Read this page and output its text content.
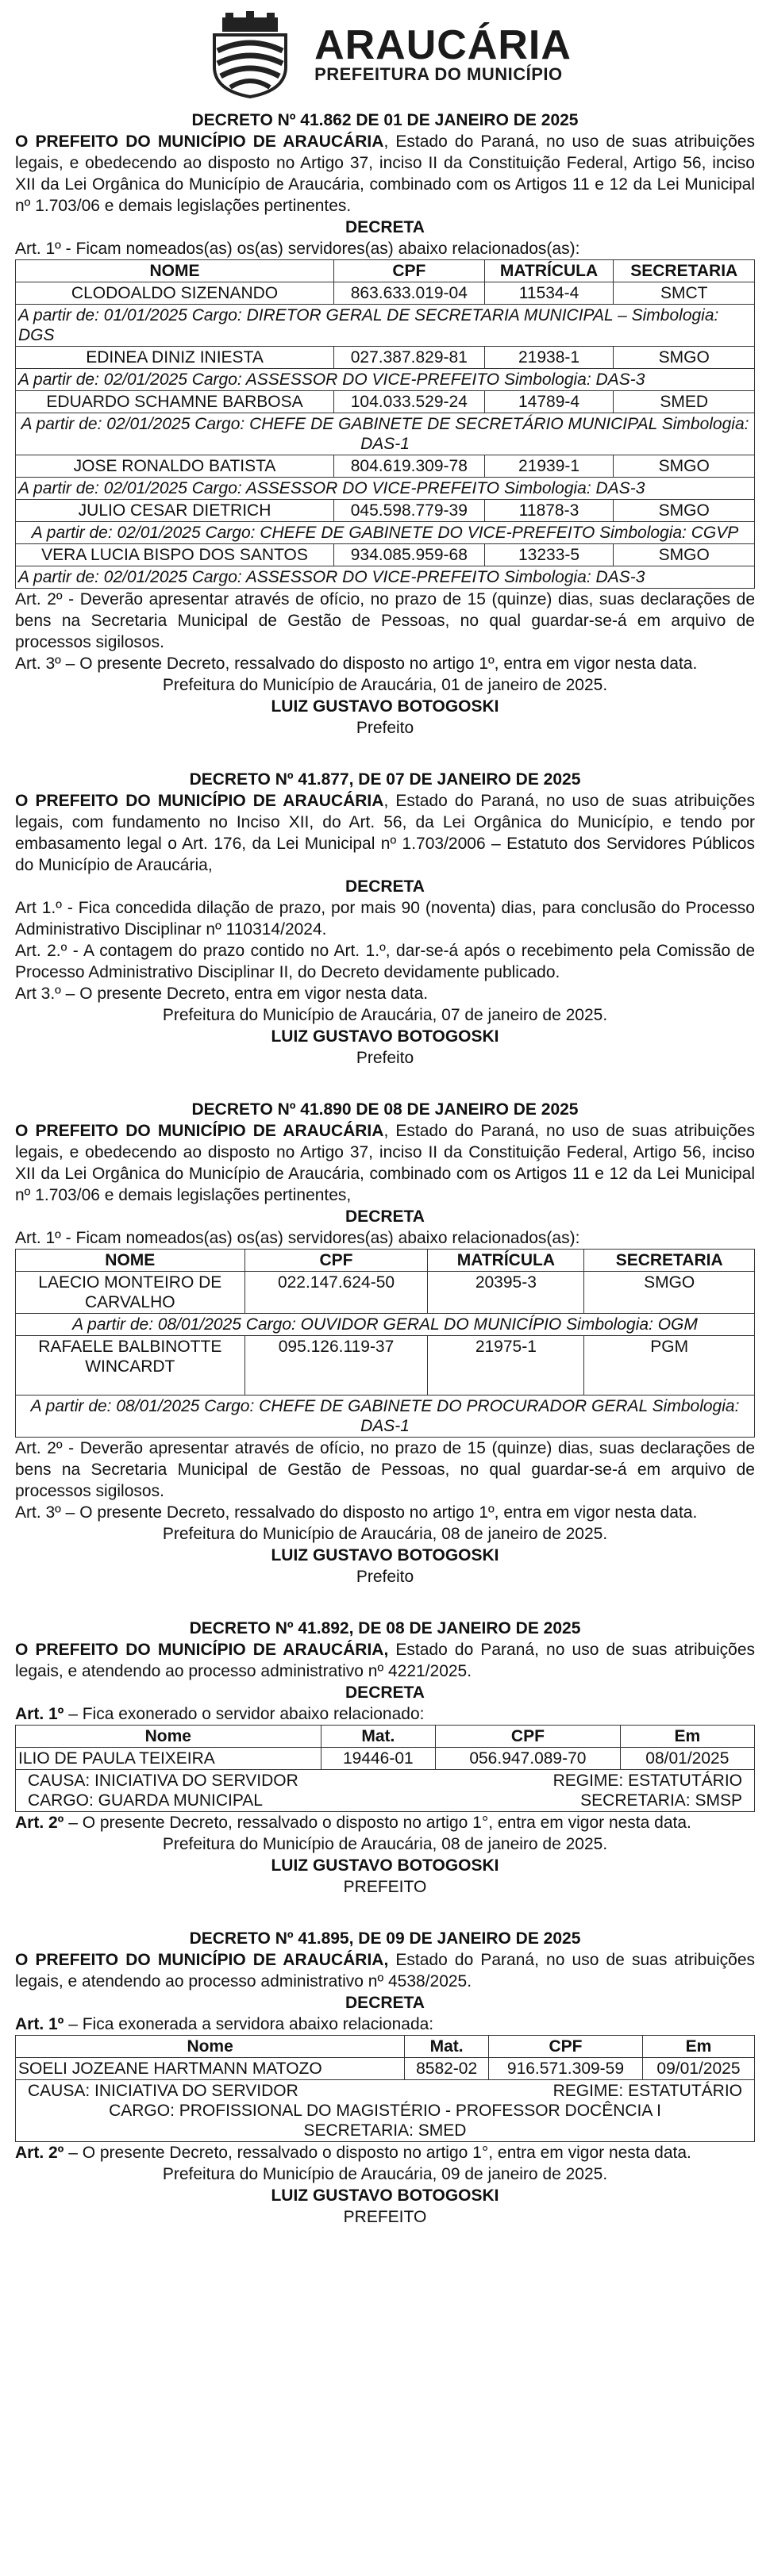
ARAUCÁRIA
PREFEITURA DO MUNICÍPIO
DECRETO Nº 41.862 DE 01 DE JANEIRO DE 2025

O PREFEITO DO MUNICÍPIO DE ARAUCÁRIA, Estado do Paraná, no uso de suas atribuições legais, e obedecendo ao disposto no Artigo 37, inciso II da Constituição Federal, Artigo 56, inciso XII da Lei Orgânica do Município de Araucária, combinado com os Artigos 11 e 12 da Lei Municipal nº 1.703/06 e demais legislações pertinentes.

DECRETA

Art. 1º - Ficam nomeados(as) os(as) servidores(as) abaixo relacionados(as):

NOME	CPF	MATRÍCULA	SECRETARIA
CLODOALDO SIZENANDO	863.633.019-04	11534-4	SMCT
A partir de: 01/01/2025 Cargo: DIRETOR GERAL DE SECRETARIA MUNICIPAL – Simbologia: DGS			
EDINEA DINIZ INIESTA	027.387.829-81	21938-1	SMGO
A partir de: 02/01/2025 Cargo: ASSESSOR DO VICE-PREFEITO Simbologia: DAS-3			
EDUARDO SCHAMNE BARBOSA	104.033.529-24	14789-4	SMED
A partir de: 02/01/2025 Cargo: CHEFE DE GABINETE DE SECRETÁRIO MUNICIPAL Simbologia: DAS-1			
JOSE RONALDO BATISTA	804.619.309-78	21939-1	SMGO
A partir de: 02/01/2025 Cargo: ASSESSOR DO VICE-PREFEITO Simbologia: DAS-3			
JULIO CESAR DIETRICH	045.598.779-39	11878-3	SMGO
A partir de: 02/01/2025 Cargo: CHEFE DE GABINETE DO VICE-PREFEITO Simbologia: CGVP			
VERA LUCIA BISPO DOS SANTOS	934.085.959-68	13233-5	SMGO
A partir de: 02/01/2025 Cargo: ASSESSOR DO VICE-PREFEITO Simbologia: DAS-3			

Art. 2º - Deverão apresentar através de ofício, no prazo de 15 (quinze) dias, suas declarações de bens na Secretaria Municipal de Gestão de Pessoas, no qual guardar-se-á em arquivo de processos sigilosos.

Art. 3º – O presente Decreto, ressalvado do disposto no artigo 1º, entra em vigor nesta data.

Prefeitura do Município de Araucária, 01 de janeiro de 2025.
LUIZ GUSTAVO BOTOGOSKI
Prefeito
DECRETO Nº 41.877, DE 07 DE JANEIRO DE 2025

O PREFEITO DO MUNICÍPIO DE ARAUCÁRIA, Estado do Paraná, no uso de suas atribuições legais, com fundamento no Inciso XII, do Art. 56, da Lei Orgânica do Município, e tendo por embasamento legal o Art. 176, da Lei Municipal nº 1.703/2006 – Estatuto dos Servidores Públicos do Município de Araucária,

DECRETA

Art 1.º - Fica concedida dilação de prazo, por mais 90 (noventa) dias, para conclusão do Processo Administrativo Disciplinar nº 110314/2024.

Art. 2.º - A contagem do prazo contido no Art. 1.º, dar-se-á após o recebimento pela Comissão de Processo Administrativo Disciplinar II, do Decreto devidamente publicado.

Art 3.º – O presente Decreto, entra em vigor nesta data.

Prefeitura do Município de Araucária, 07 de janeiro de 2025.
LUIZ GUSTAVO BOTOGOSKI
Prefeito
DECRETO Nº 41.890 DE 08 DE JANEIRO DE 2025

O PREFEITO DO MUNICÍPIO DE ARAUCÁRIA, Estado do Paraná, no uso de suas atribuições legais, e obedecendo ao disposto no Artigo 37, inciso II da Constituição Federal, Artigo 56, inciso XII da Lei Orgânica do Município de Araucária, combinado com os Artigos 11 e 12 da Lei Municipal nº 1.703/06 e demais legislações pertinentes,

DECRETA

Art. 1º - Ficam nomeados(as) os(as) servidores(as) abaixo relacionados(as):

NOME	CPF	MATRÍCULA	SECRETARIA
LAECIO MONTEIRO DE CARVALHO	022.147.624-50	20395-3	SMGO
A partir de: 08/01/2025 Cargo: OUVIDOR GERAL DO MUNICÍPIO Simbologia: OGM			
RAFAELE BALBINOTTE WINCARDT	095.126.119-37	21975-1	PGM
A partir de: 08/01/2025 Cargo: CHEFE DE GABINETE DO PROCURADOR GERAL Simbologia: DAS-1			

Art. 2º - Deverão apresentar através de ofício, no prazo de 15 (quinze) dias, suas declarações de bens na Secretaria Municipal de Gestão de Pessoas, no qual guardar-se-á em arquivo de processos sigilosos.

Art. 3º – O presente Decreto, ressalvado do disposto no artigo 1º, entra em vigor nesta data.

Prefeitura do Município de Araucária, 08 de janeiro de 2025.
LUIZ GUSTAVO BOTOGOSKI
Prefeito
DECRETO Nº 41.892, DE 08 DE JANEIRO DE 2025

O PREFEITO DO MUNICÍPIO DE ARAUCÁRIA, Estado do Paraná, no uso de suas atribuições legais, e atendendo ao processo administrativo nº 4221/2025.

DECRETA

Art. 1º – Fica exonerado o servidor abaixo relacionado:

Nome	Mat.	CPF	Em
ILIO DE PAULA TEIXEIRA	19446-01	056.947.089-70	08/01/2025

CAUSA: INICIATIVA DO SERVIDOR REGIME: ESTATUTÁRIO
CARGO: GUARDA MUNICIPAL SECRETARIA: SMSP			

Art. 2º – O presente Decreto, ressalvado o disposto no artigo 1°, entra em vigor nesta data.

Prefeitura do Município de Araucária, 08 de janeiro de 2025.
LUIZ GUSTAVO BOTOGOSKI
PREFEITO
DECRETO Nº 41.895, DE 09 DE JANEIRO DE 2025

O PREFEITO DO MUNICÍPIO DE ARAUCÁRIA, Estado do Paraná, no uso de suas atribuições legais, e atendendo ao processo administrativo nº 4538/2025.

DECRETA

Art. 1º – Fica exonerada a servidora abaixo relacionada:

Nome	Mat.	CPF	Em
SOELI JOZEANE HARTMANN MATOZO	8582-02	916.571.309-59	09/01/2025

CAUSA: INICIATIVA DO SERVIDOR REGIME: ESTATUTÁRIO
CARGO: PROFISSIONAL DO MAGISTÉRIO - PROFESSOR DOCÊNCIA I
SECRETARIA: SMED			

Art. 2º – O presente Decreto, ressalvado o disposto no artigo 1°, entra em vigor nesta data.

Prefeitura do Município de Araucária, 09 de janeiro de 2025.
LUIZ GUSTAVO BOTOGOSKI
PREFEITO
